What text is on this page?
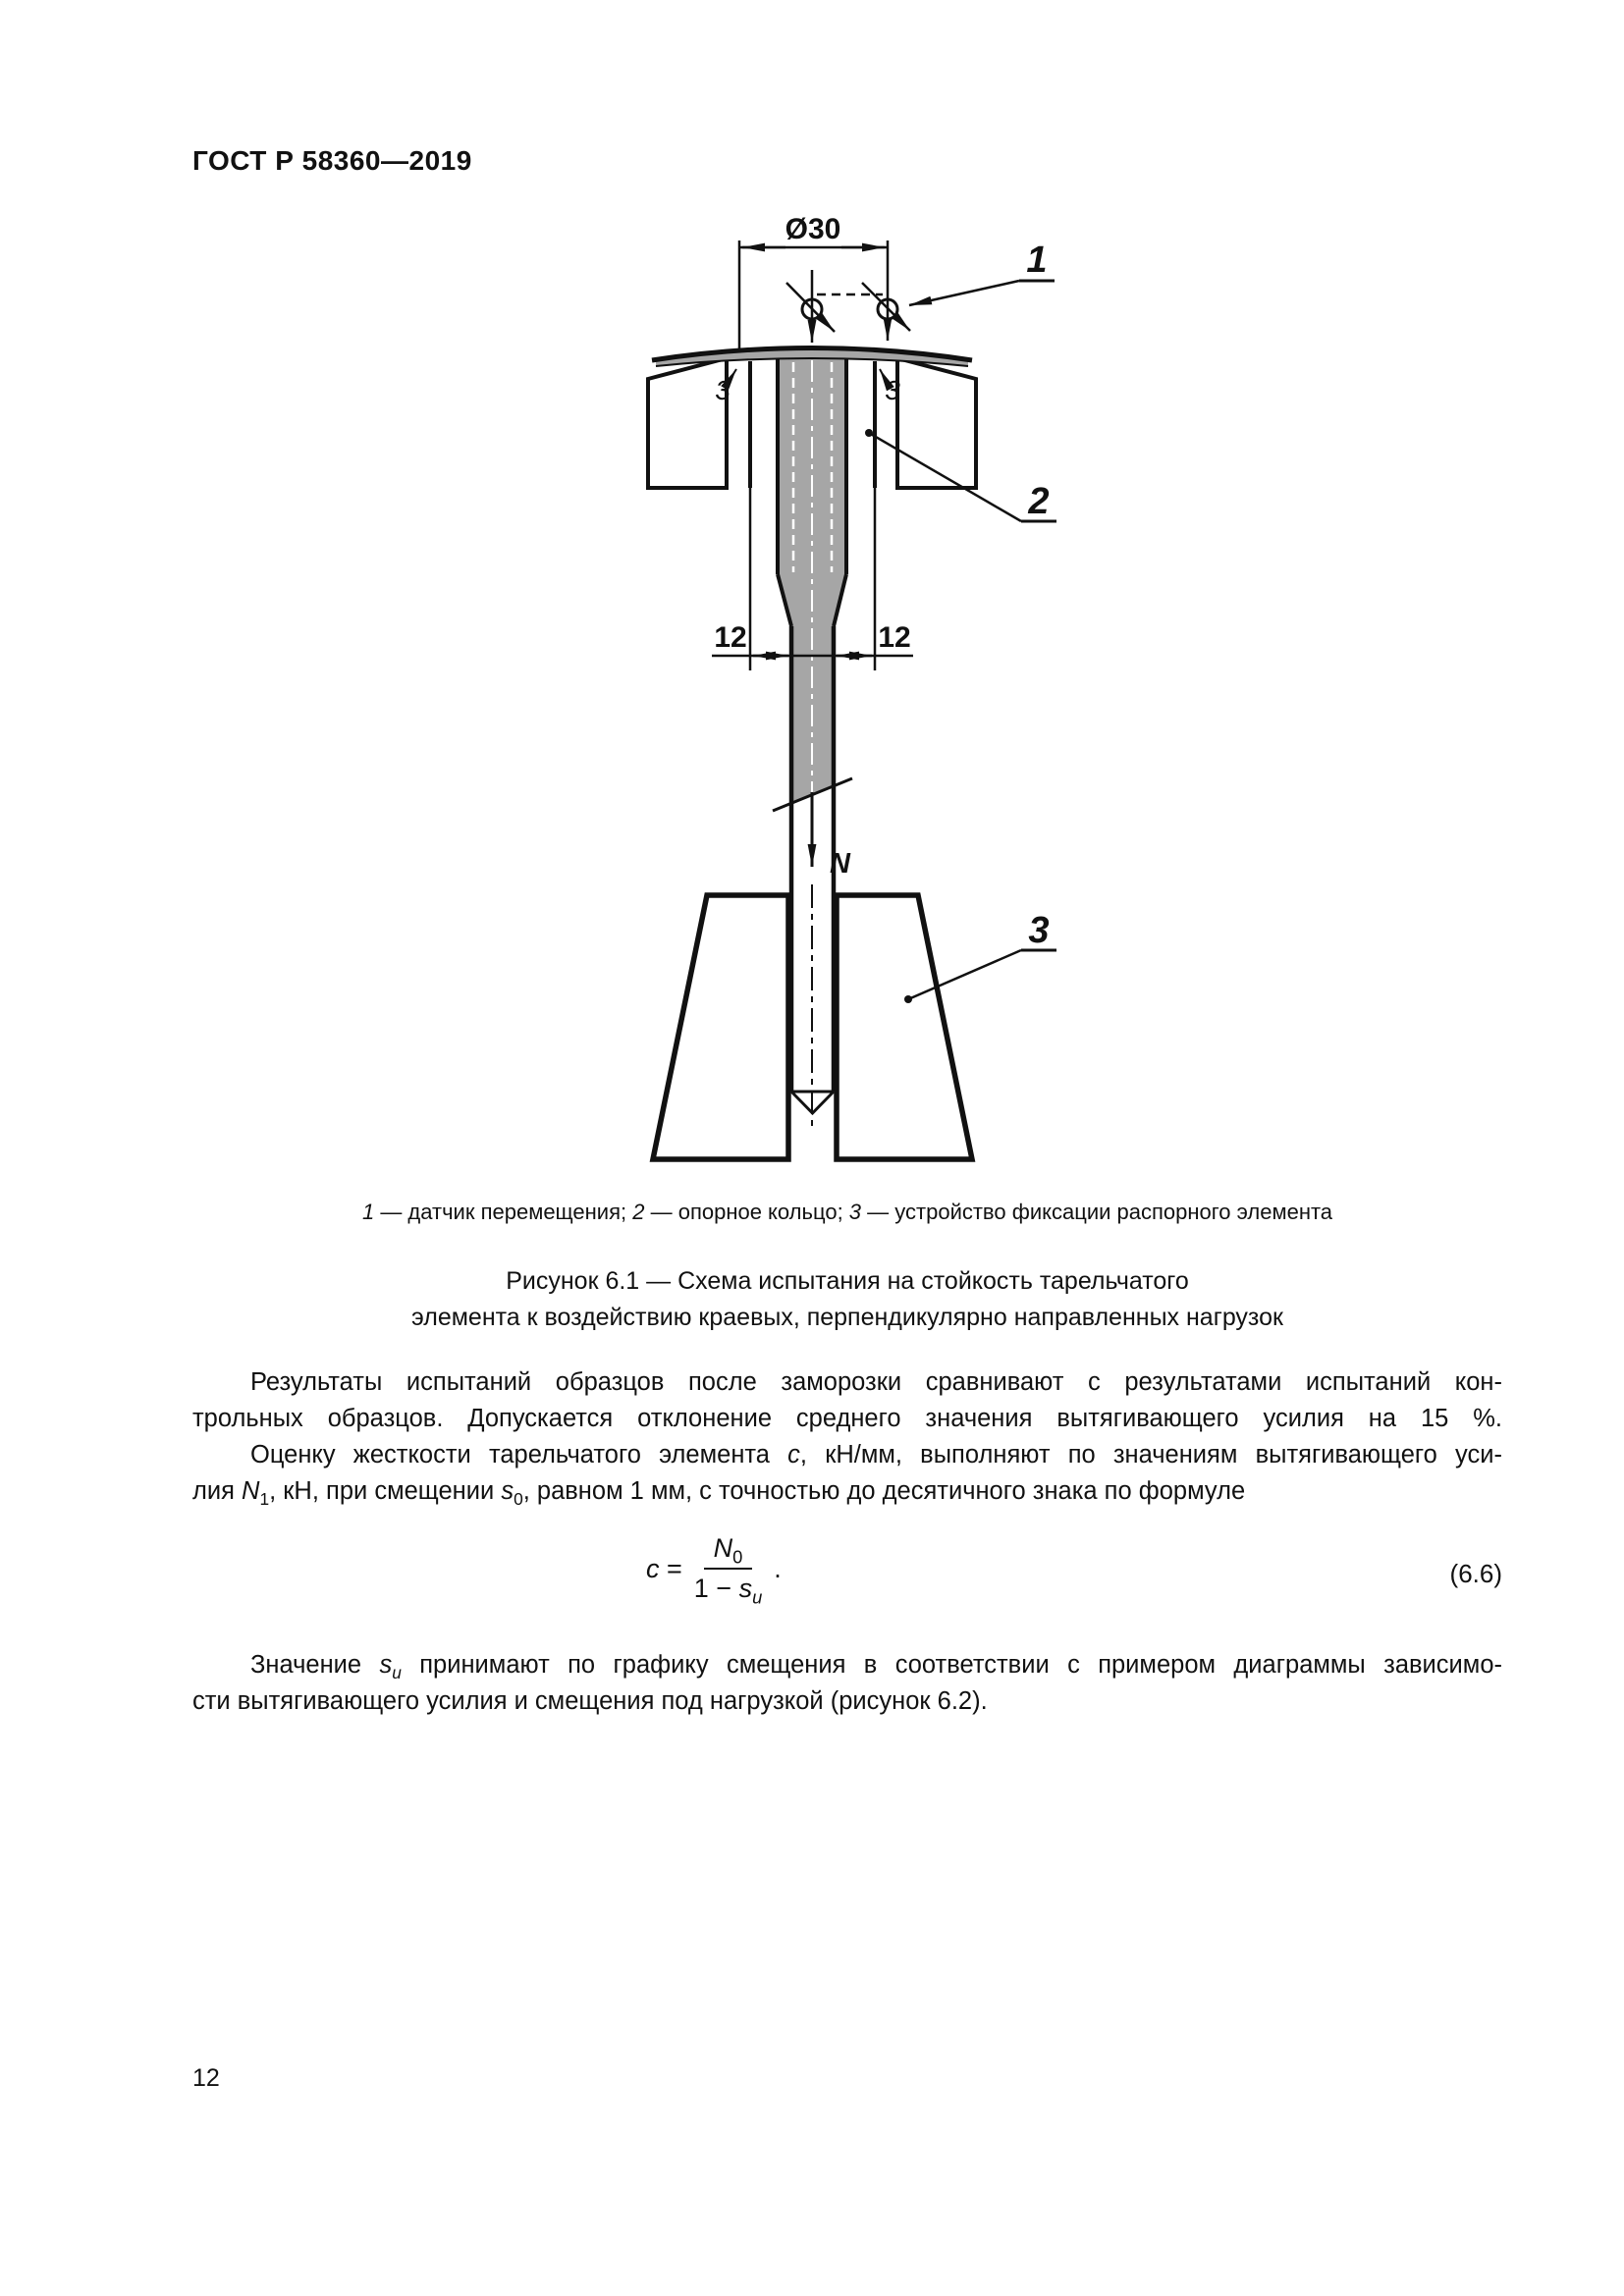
ГОСТ Р 58360—2019
Ø30
1
3	3
2
12	12
N
3
1 — датчик перемещения; 2 — опорное кольцо; 3 — устройство фиксации распорного элемента
Рисунок 6.1 — Схема испытания на стойкость тарельчатого
элемента к воздействию краевых, перпендикулярно направленных нагрузок
Результаты испытаний образцов после заморозки сравнивают с результатами испытаний кон-
трольных образцов. Допускается отклонение среднего значения вытягивающего усилия на 15 %.
Оценку жесткости тарельчатого элемента с, кН/мм, выполняют по значениям вытягивающего уси-
лия $N_1$, кН, при смещении $s_0$, равном 1 мм, с точностью до десятичного знака по формуле
$c = \frac{N_0}{1 - s_u}$ .	(6.6)
Значение $s_u$ принимают по графику смещения в соответствии с примером диаграммы зависимо-
сти вытягивающего усилия и смещения под нагрузкой (рисунок 6.2).
12
